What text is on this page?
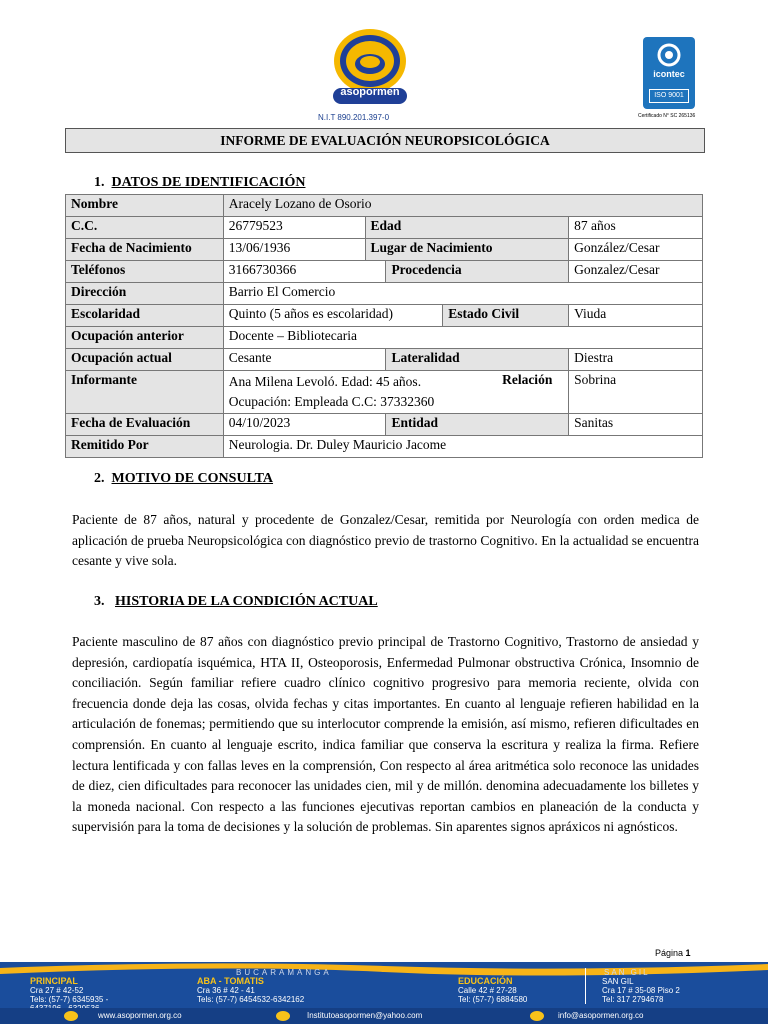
asopormen
N.I.T 890.201.397-0
icontec
ISO 9001
Certificado N° SC 265136
INFORME DE EVALUACIÓN NEUROPSICOLÓGICA
1. DATOS DE IDENTIFICACIÓN
Nombre	Aracely Lozano de Osorio				
C.C.	26779523	Edad			87 años
Fecha de Nacimiento	13/06/1936	Lugar de Nacimiento			González/Cesar
Teléfonos	3166730366		Procedencia		Gonzalez/Cesar
Dirección	Barrio El Comercio				
Escolaridad	Quinto (5 años es escolaridad)			Estado Civil	Viuda
Ocupación anterior	Docente – Bibliotecaria				
Ocupación actual	Cesante		Lateralidad		Diestra
Informante	Ana Milena Levoló. Edad: 45 años.
Ocupación: Empleada C.C: 37332360
Relación				Sobrina
Fecha de Evaluación	04/10/2023		Entidad		Sanitas
Remitido Por	Neurologia. Dr. Duley Mauricio Jacome				
2. MOTIVO DE CONSULTA
Paciente de 87 años, natural y procedente de Gonzalez/Cesar, remitida por Neurología con orden medica de aplicación de prueba Neuropsicológica con diagnóstico previo de trastorno Cognitivo. En la actualidad se encuentra cesante y vive sola.
3. HISTORIA DE LA CONDICIÓN ACTUAL
Paciente masculino de 87 años con diagnóstico previo principal de Trastorno Cognitivo, Trastorno de ansiedad y depresión, cardiopatía isquémica, HTA II, Osteoporosis, Enfermedad Pulmonar obstructiva Crónica, Insomnio de conciliación. Según familiar refiere cuadro clínico cognitivo progresivo para memoria reciente, olvida con frecuencia donde deja las cosas, olvida fechas y citas importantes. En cuanto al lenguaje refieren habilidad en la articulación de fonemas; permitiendo que su interlocutor comprende la emisión, así mismo, refieren dificultades en comprensión. En cuanto al lenguaje escrito, indica familiar que conserva la escritura y realiza la firma. Refiere lectura lentificada y con fallas leves en la comprensión, Con respecto al área aritmética solo reconoce las unidades de diez, cien dificultades para reconocer las unidades cien, mil y de millón. denomina adecuadamente los billetes y la moneda nacional. Con respecto a las funciones ejecutivas reportan cambios en planeación de la conducta y supervisión para la toma de decisiones y la solución de problemas. Sin aparentes signos apráxicos ni agnósticos.
Página 1
BUCARAMANGA	SAN GIL
PRINCIPAL
Cra 27 # 42-52
Tels: (57-7) 6345935 -

ABA - TOMATIS
Cra 36 # 42 - 41
Tels: (57-7) 6454532-6342162
EDUCACIÓN
Calle 42 # 27-28
Tel: (57-7) 6884580
SAN GIL
Cra 17 # 35-08 Piso 2
Tel: 317 2794678
www.asopormen.org.co	Institutoasopormen@yahoo.com	info@asopormen.org.co
